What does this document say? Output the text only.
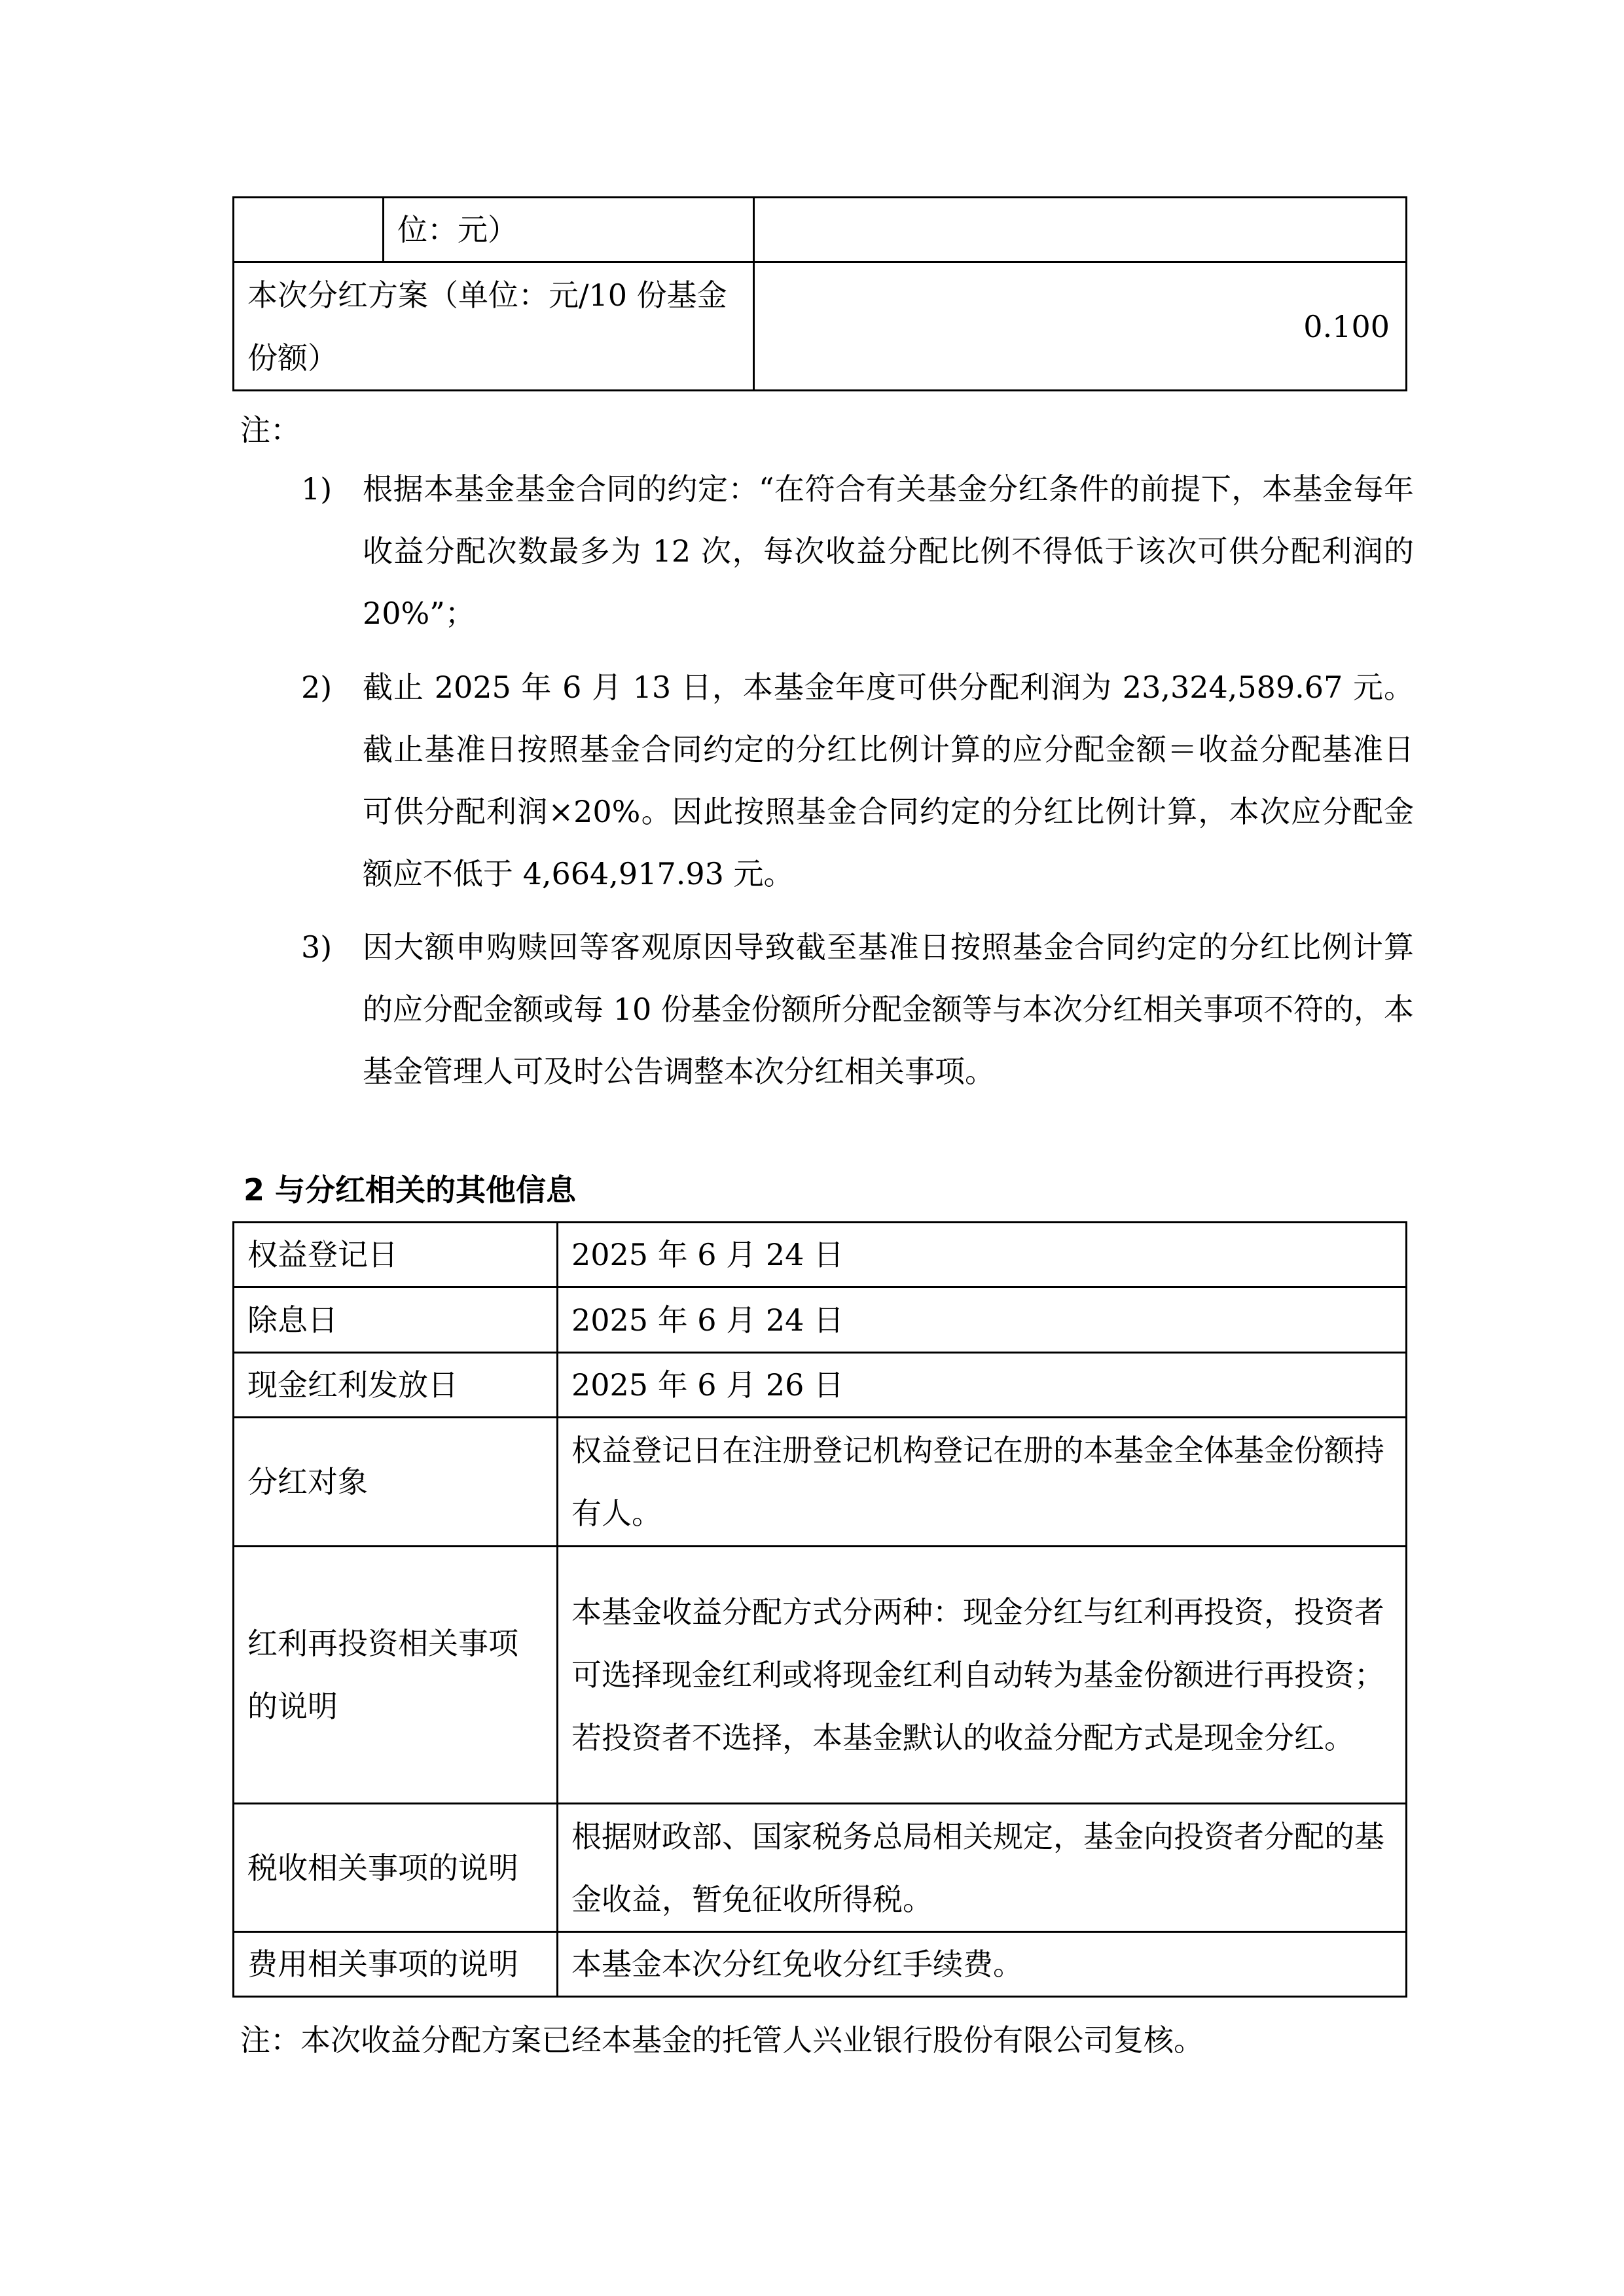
	位：元）	
本次分红方案（单位：元/10 份基金份额）		0.100
注：
1) 根据本基金基金合同的约定：“在符合有关基金分红条件的前提下，本基金每年收益分配次数最多为 12 次，每次收益分配比例不得低于该次可供分配利润的 20%”；
2) 截止 2025 年 6 月 13 日，本基金年度可供分配利润为 23,324,589.67 元。截止基准日按照基金合同约定的分红比例计算的应分配金额＝收益分配基准日可供分配利润×20%。因此按照基金合同约定的分红比例计算，本次应分配金额应不低于 4,664,917.93 元。
3) 因大额申购赎回等客观原因导致截至基准日按照基金合同约定的分红比例计算的应分配金额或每 10 份基金份额所分配金额等与本次分红相关事项不符的，本基金管理人可及时公告调整本次分红相关事项。
2 与分红相关的其他信息
权益登记日	2025 年 6 月 24 日
除息日	2025 年 6 月 24 日
现金红利发放日	2025 年 6 月 26 日
分红对象	权益登记日在注册登记机构登记在册的本基金全体基金份额持有人。
红利再投资相关事项的说明	本基金收益分配方式分两种：现金分红与红利再投资，投资者可选择现金红利或将现金红利自动转为基金份额进行再投资；若投资者不选择，本基金默认的收益分配方式是现金分红。
税收相关事项的说明	根据财政部、国家税务总局相关规定，基金向投资者分配的基金收益，暂免征收所得税。
费用相关事项的说明	本基金本次分红免收分红手续费。
注：本次收益分配方案已经本基金的托管人兴业银行股份有限公司复核。
